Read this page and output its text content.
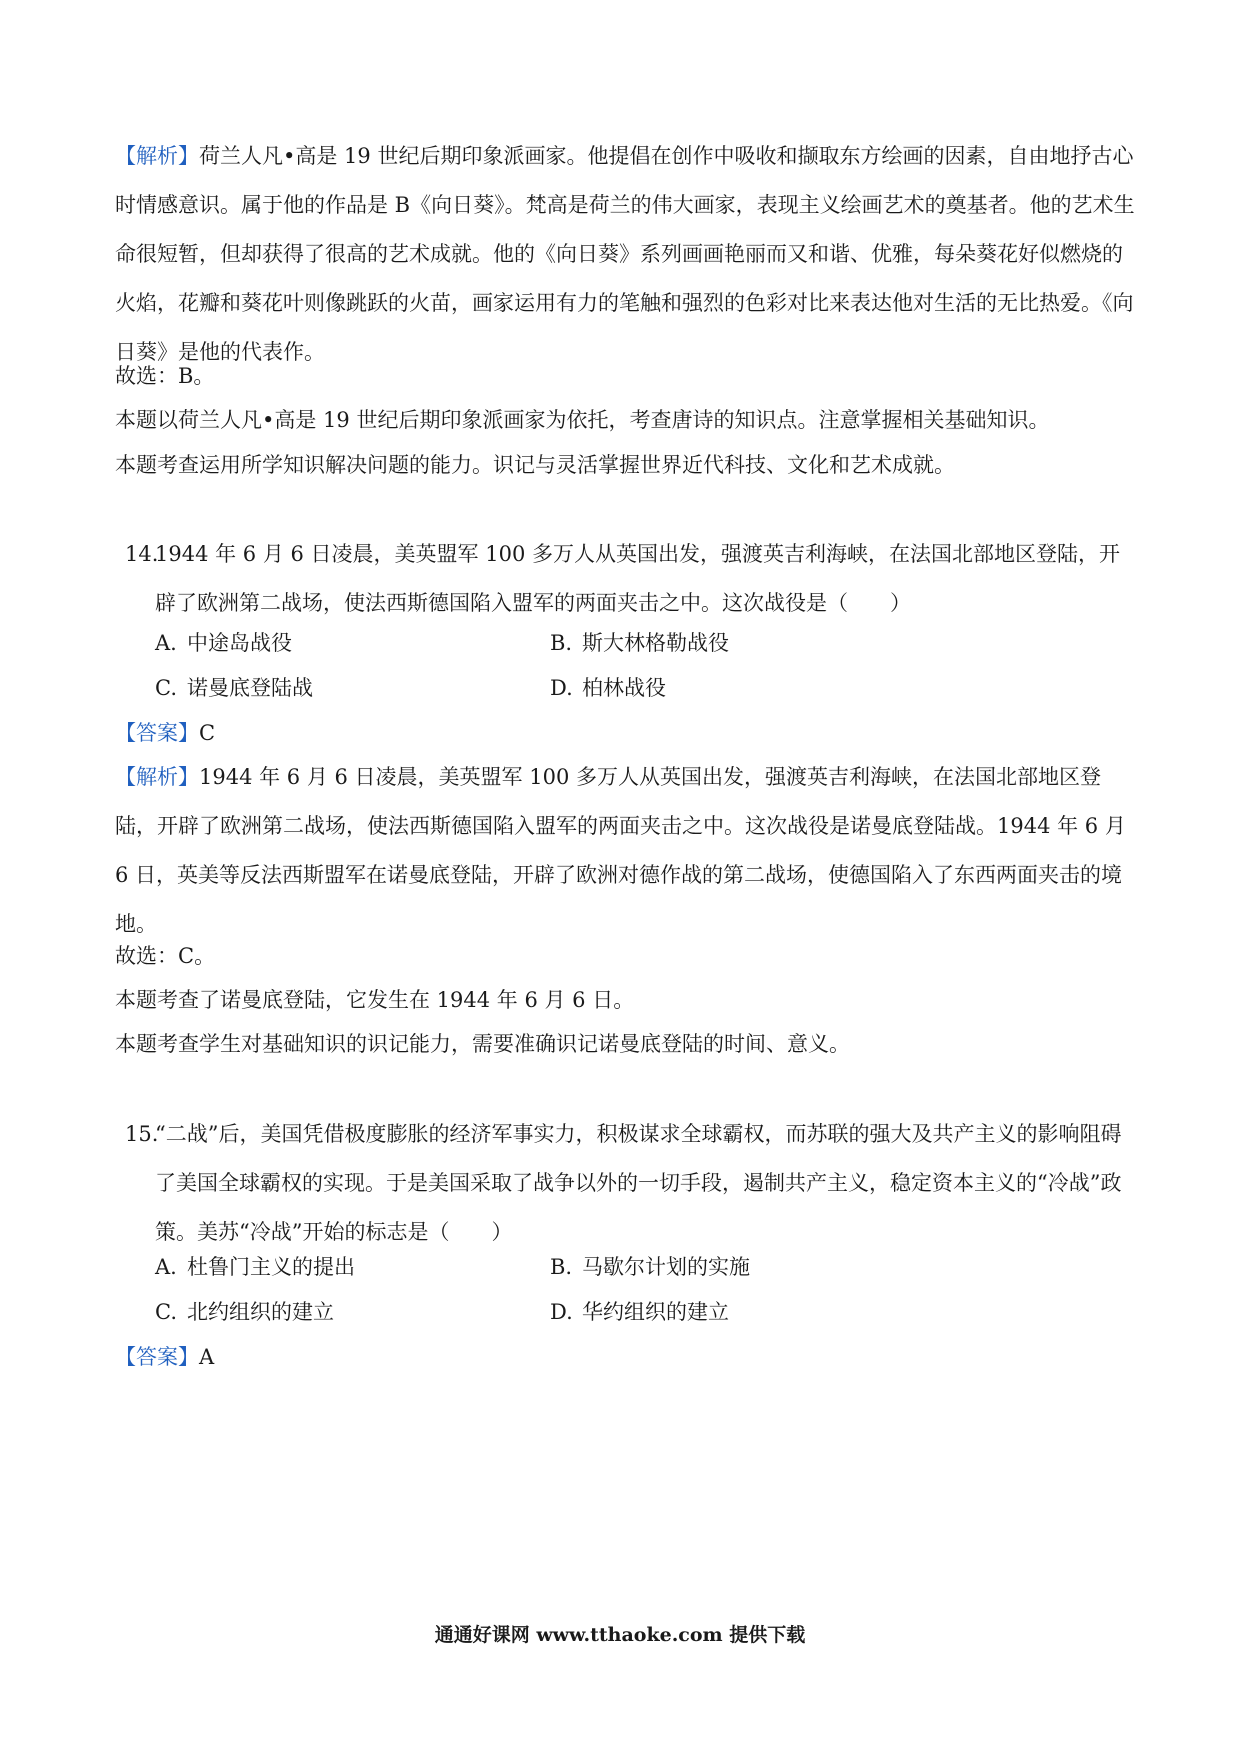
【解析】荷兰人凡•高是 19 世纪后期印象派画家。他提倡在创作中吸收和撷取东方绘画的因素，自由地抒古心时情感意识。属于他的作品是 B《向日葵》。梵高是荷兰的伟大画家，表现主义绘画艺术的奠基者。他的艺术生命很短暂，但却获得了很高的艺术成就。他的《向日葵》系列画画艳丽而又和谐、优雅，每朵葵花好似燃烧的火焰，花瓣和葵花叶则像跳跃的火苗，画家运用有力的笔触和强烈的色彩对比来表达他对生活的无比热爱。《向日葵》是他的代表作。

故选：B。

本题以荷兰人凡•高是 19 世纪后期印象派画家为依托，考查唐诗的知识点。注意掌握相关基础知识。

本题考查运用所学知识解决问题的能力。识记与灵活掌握世界近代科技、文化和艺术成就。

14.

1944 年 6 月 6 日凌晨，美英盟军 100 多万人从英国出发，强渡英吉利海峡，在法国北部地区登陆，开辟了欧洲第二战场，使法西斯德国陷入盟军的两面夹击之中。这次战役是（　　）

A. 中途岛战役	B. 斯大林格勒战役
C. 诺曼底登陆战	D. 柏林战役

【答案】C

【解析】1944 年 6 月 6 日凌晨，美英盟军 100 多万人从英国出发，强渡英吉利海峡，在法国北部地区登陆，开辟了欧洲第二战场，使法西斯德国陷入盟军的两面夹击之中。这次战役是诺曼底登陆战。1944 年 6 月 6 日，英美等反法西斯盟军在诺曼底登陆，开辟了欧洲对德作战的第二战场，使德国陷入了东西两面夹击的境地。

故选：C。

本题考查了诺曼底登陆，它发生在 1944 年 6 月 6 日。

本题考查学生对基础知识的识记能力，需要准确识记诺曼底登陆的时间、意义。

15.

“二战”后，美国凭借极度膨胀的经济军事实力，积极谋求全球霸权，而苏联的强大及共产主义的影响阻碍了美国全球霸权的实现。于是美国采取了战争以外的一切手段，遏制共产主义，稳定资本主义的“冷战”政策。美苏“冷战”开始的标志是（　　）

A. 杜鲁门主义的提出	B. 马歇尔计划的实施
C. 北约组织的建立	D. 华约组织的建立

【答案】A

通通好课网 www.tthaoke.com 提供下载
